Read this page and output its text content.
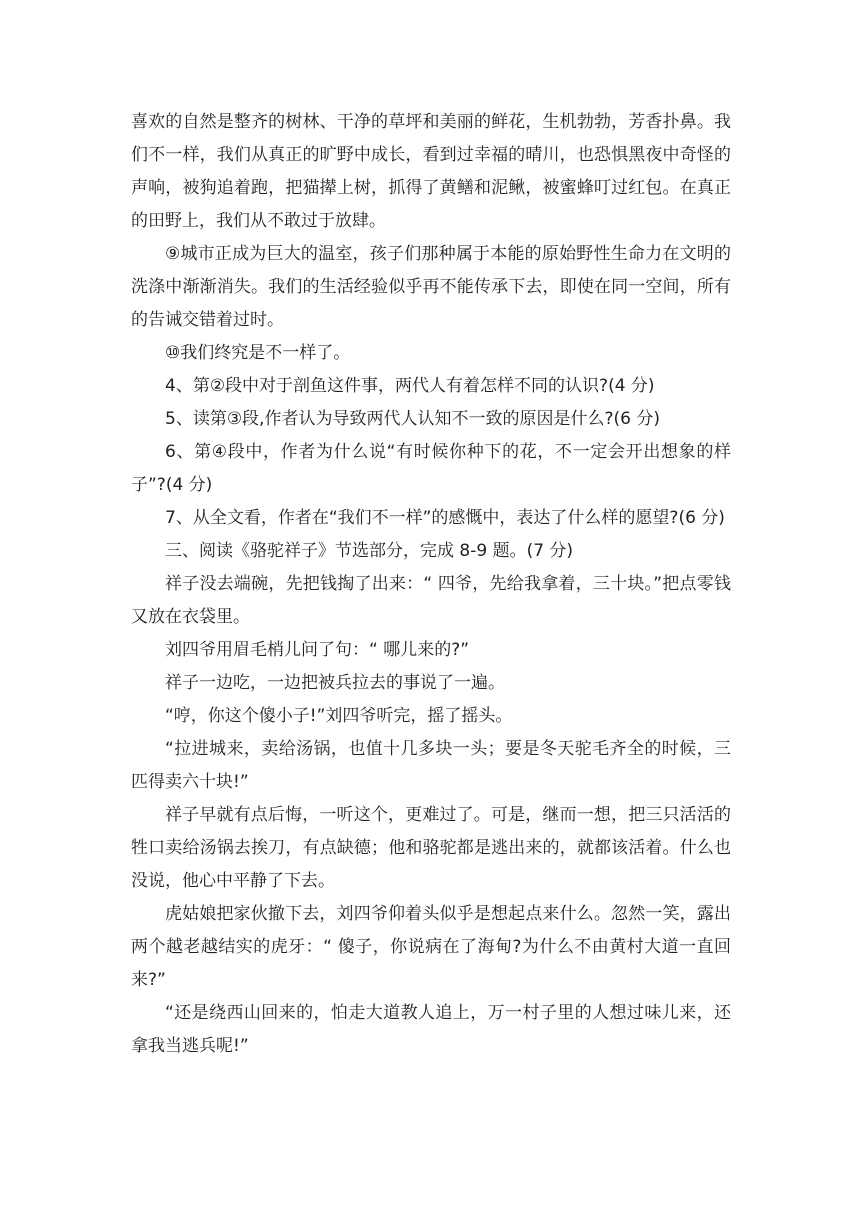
喜欢的自然是整齐的树林、干净的草坪和美丽的鲜花，生机勃勃，芳香扑鼻。我们不一样，我们从真正的旷野中成长，看到过幸福的晴川，也恐惧黑夜中奇怪的声响，被狗追着跑，把猫撵上树，抓得了黄鳝和泥鳅，被蜜蜂叮过红包。在真正的田野上，我们从不敢过于放肆。

⑨城市正成为巨大的温室，孩子们那种属于本能的原始野性生命力在文明的洗涤中渐渐消失。我们的生活经验似乎再不能传承下去，即使在同一空间，所有的告诫交错着过时。

⑩我们终究是不一样了。

4、第②段中对于剖鱼这件事，两代人有着怎样不同的认识?(4 分)

5、读第③段,作者认为导致两代人认知不一致的原因是什么?(6 分)

6、第④段中，作者为什么说“有时候你种下的花，不一定会开出想象的样子”?(4 分)

7、从全文看，作者在“我们不一样”的感慨中，表达了什么样的愿望?(6 分)

三、阅读《骆驼祥子》节选部分，完成 8-9 题。(7 分)

祥子没去端碗，先把钱掏了出来：“ 四爷，先给我拿着，三十块。”把点零钱又放在衣袋里。

刘四爷用眉毛梢儿问了句：“ 哪儿来的?”

祥子一边吃，一边把被兵拉去的事说了一遍。

“哼，你这个傻小子!”刘四爷听完，摇了摇头。

“拉进城来，卖给汤锅，也值十几多块一头；要是冬天驼毛齐全的时候，三匹得卖六十块!”

祥子早就有点后悔，一听这个，更难过了。可是，继而一想，把三只活活的牲口卖给汤锅去挨刀，有点缺德；他和骆驼都是逃出来的，就都该活着。什么也没说，他心中平静了下去。

虎姑娘把家伙撤下去，刘四爷仰着头似乎是想起点来什么。忽然一笑，露出两个越老越结实的虎牙：“ 傻子，你说病在了海甸?为什么不由黄村大道一直回来?”

“还是绕西山回来的，怕走大道教人追上，万一村子里的人想过味儿来，还拿我当逃兵呢!”
